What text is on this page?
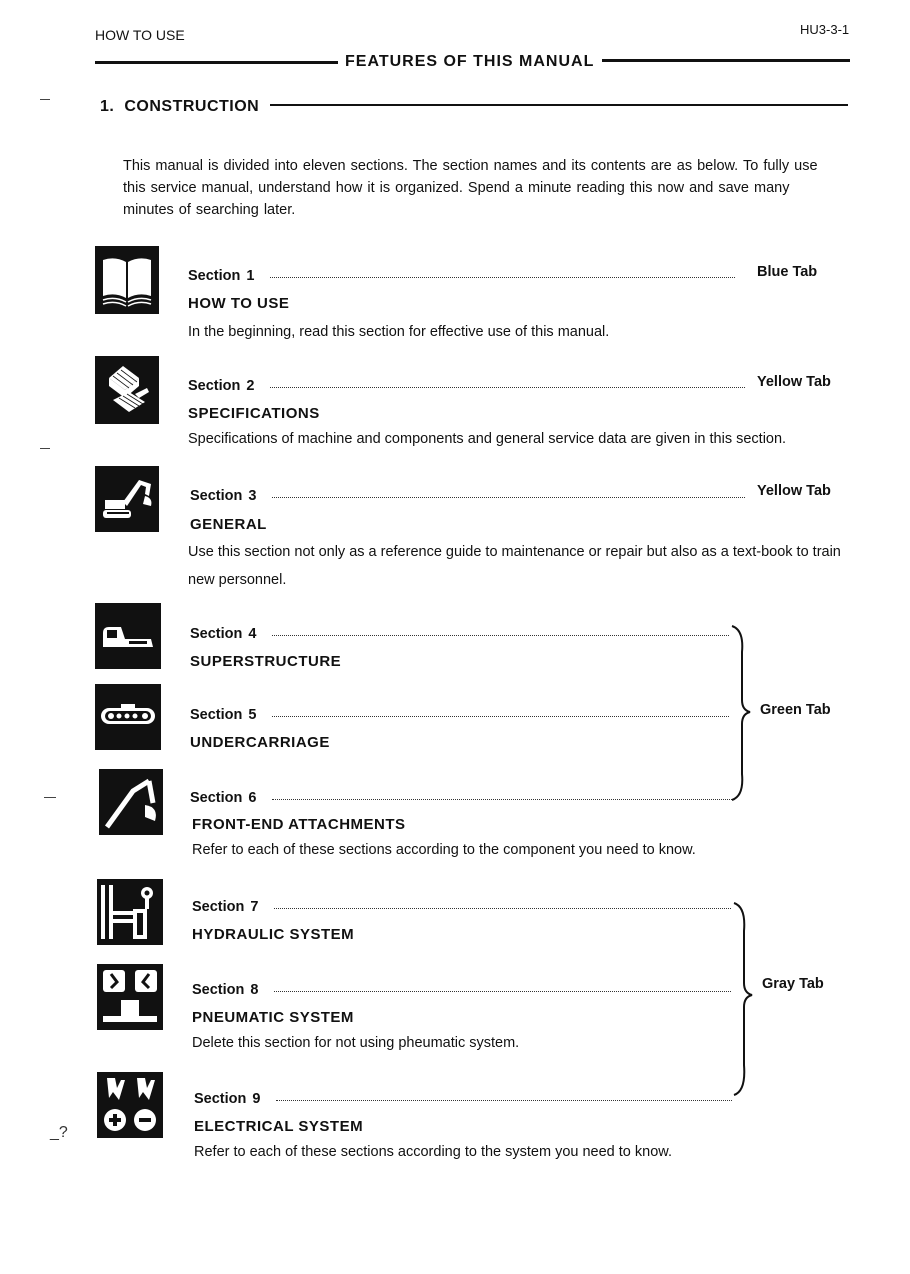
HOW TO USE	HU3-3-1
FEATURES OF THIS MANUAL
1. CONSTRUCTION
This manual is divided into eleven sections. The section names and its contents are as below. To fully use this service manual, understand how it is organized. Spend a minute reading this now and save many minutes of searching later.
Section 1	Blue Tab
HOW TO USE
In the beginning, read this section for effective use of this manual.
Section 2	Yellow Tab
SPECIFICATIONS
Specifications of machine and components and general service data are given in this section.
Section 3	Yellow Tab
GENERAL
Use this section not only as a reference guide to maintenance or repair but also as a text-book to train new personnel.
Section 4
SUPERSTRUCTURE
Section 5
UNDERCARRIAGE
Section 6
FRONT-END ATTACHMENTS
Refer to each of these sections according to the component you need to know.
Green Tab
Section 7
HYDRAULIC SYSTEM
Section 8
PNEUMATIC SYSTEM
Delete this section for not using pheumatic system.
Section 9
ELECTRICAL SYSTEM
Refer to each of these sections according to the system you need to know.
Gray Tab
_?
